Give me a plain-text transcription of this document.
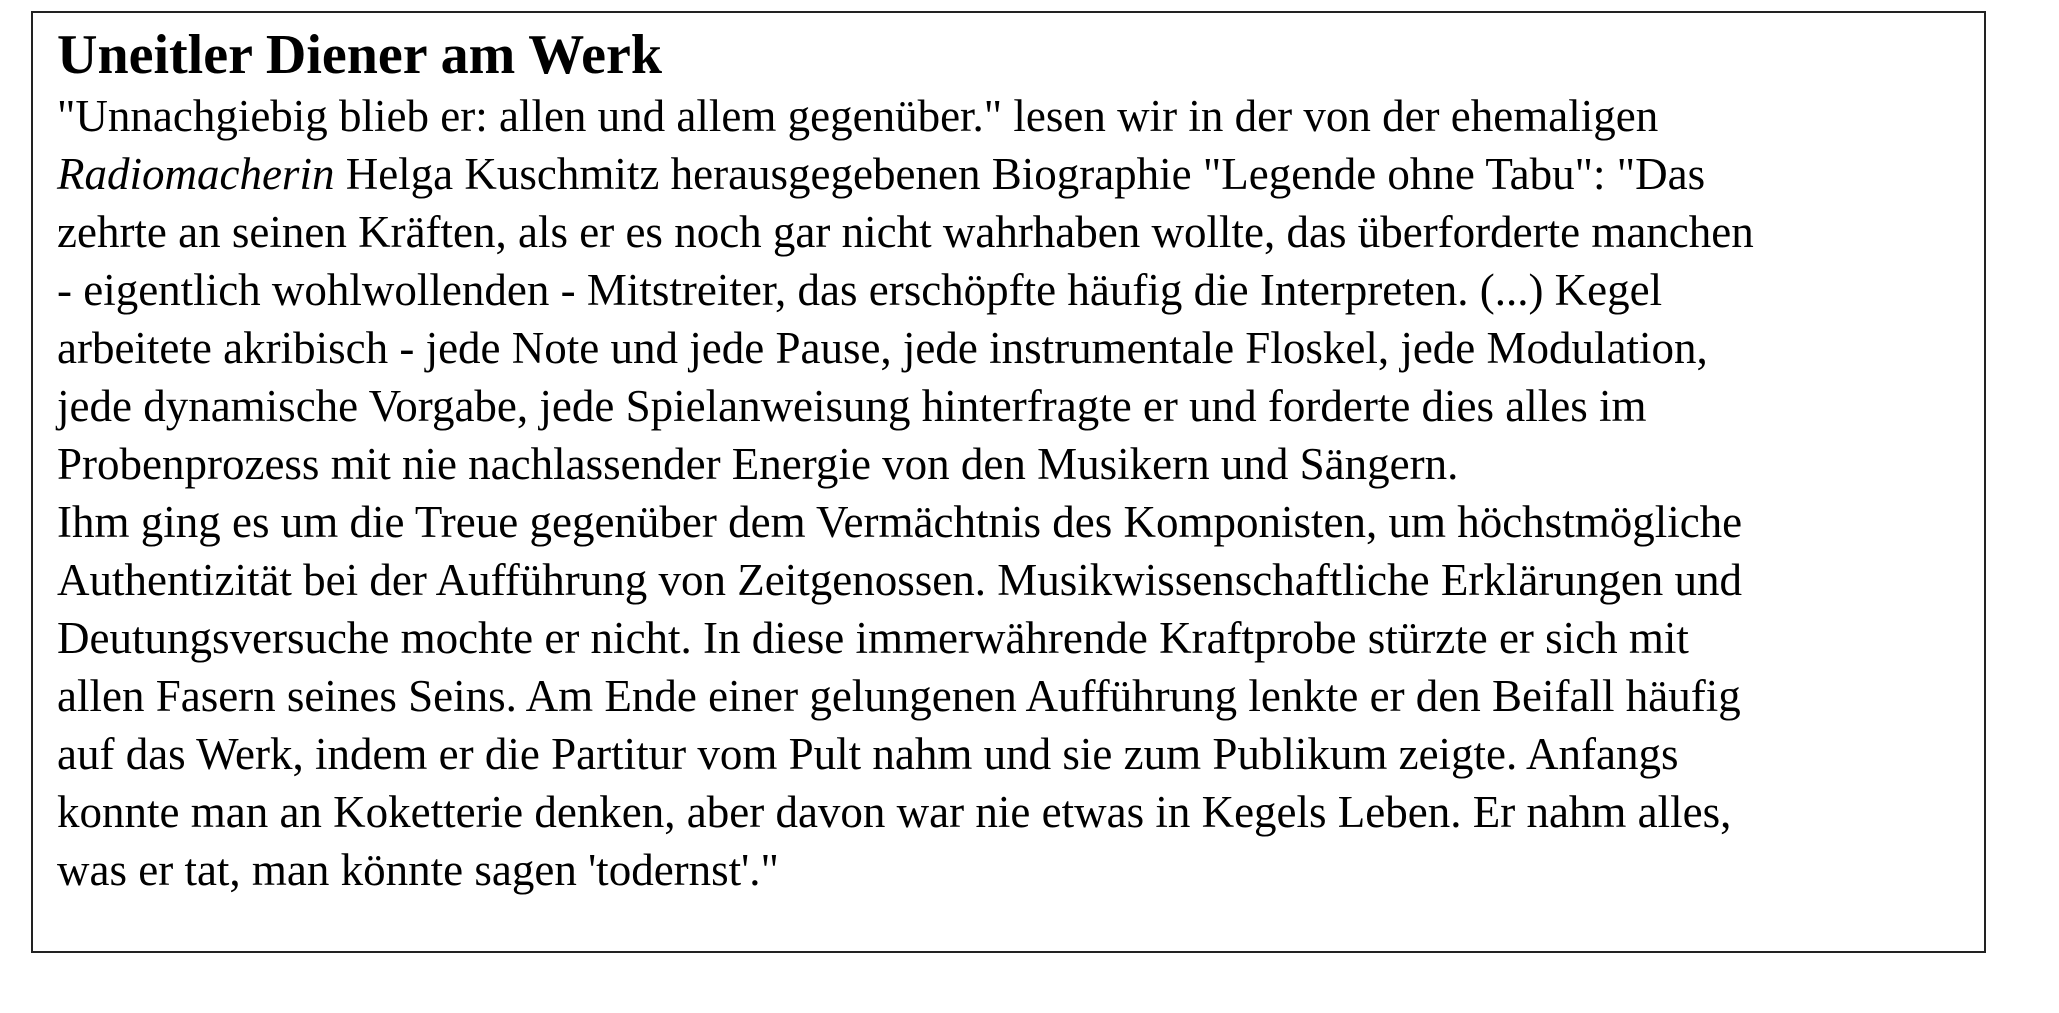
Uneitler Diener am Werk
"Unnachgiebig blieb er: allen und allem gegenüber." lesen wir in der von der ehemaligen
Radiomacherin Helga Kuschmitz herausgegebenen Biographie "Legende ohne Tabu": "Das
zehrte an seinen Kräften, als er es noch gar nicht wahrhaben wollte, das überforderte manchen
- eigentlich wohlwollenden - Mitstreiter, das erschöpfte häufig die Interpreten. (...) Kegel
arbeitete akribisch - jede Note und jede Pause, jede instrumentale Floskel, jede Modulation,
jede dynamische Vorgabe, jede Spielanweisung hinterfragte er und forderte dies alles im
Probenprozess mit nie nachlassender Energie von den Musikern und Sängern.
Ihm ging es um die Treue gegenüber dem Vermächtnis des Komponisten, um höchstmögliche
Authentizität bei der Aufführung von Zeitgenossen. Musikwissenschaftliche Erklärungen und
Deutungsversuche mochte er nicht. In diese immerwährende Kraftprobe stürzte er sich mit
allen Fasern seines Seins. Am Ende einer gelungenen Aufführung lenkte er den Beifall häufig
auf das Werk, indem er die Partitur vom Pult nahm und sie zum Publikum zeigte. Anfangs
konnte man an Koketterie denken, aber davon war nie etwas in Kegels Leben. Er nahm alles,
was er tat, man könnte sagen 'todernst'."
